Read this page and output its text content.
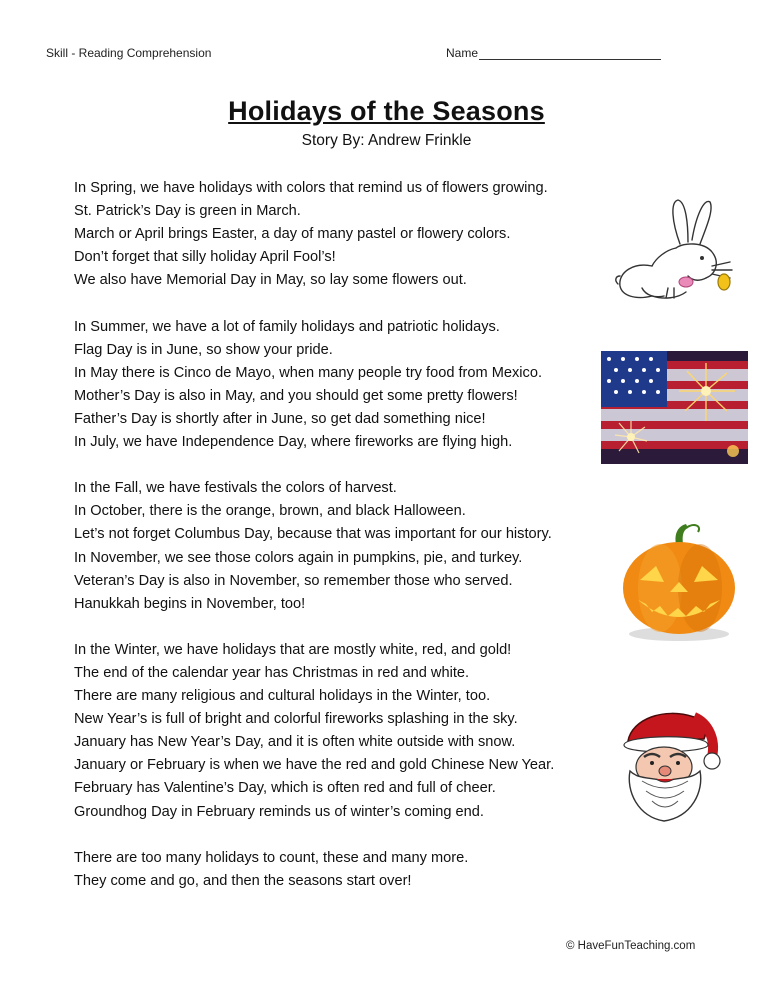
Skill - Reading Comprehension	Name
Holidays of the Seasons
Story By: Andrew Frinkle
In Spring, we have holidays with colors that remind us of flowers growing.
St. Patrick’s Day is green in March.
March or April brings Easter, a day of many pastel or flowery colors.
Don’t forget that silly holiday April Fool’s!
We also have Memorial Day in May, so lay some flowers out.
In Summer, we have a lot of family holidays and patriotic holidays.
Flag Day is in June, so show your pride.
In May there is Cinco de Mayo, when many people try food from Mexico.
Mother’s Day is also in May, and you should get some pretty flowers!
Father’s Day is shortly after in June, so get dad something nice!
In July, we have Independence Day, where fireworks are flying high.
In the Fall, we have festivals the colors of harvest.
In October, there is the orange, brown, and black Halloween.
Let’s not forget Columbus Day, because that was important for our history.
In November, we see those colors again in pumpkins, pie, and turkey.
Veteran’s Day is also in November, so remember those who served.
Hanukkah begins in November, too!
In the Winter, we have holidays that are mostly white, red, and gold!
The end of the calendar year has Christmas in red and white.
There are many religious and cultural holidays in the Winter, too.
New Year’s is full of bright and colorful fireworks splashing in the sky.
January has New Year’s Day, and it is often white outside with snow.
January or February is when we have the red and gold Chinese New Year.
February has Valentine’s Day, which is often red and full of cheer.
Groundhog Day in February reminds us of winter’s coming end.
There are too many holidays to count, these and many more.
They come and go, and then the seasons start over!
© HaveFunTeaching.com
